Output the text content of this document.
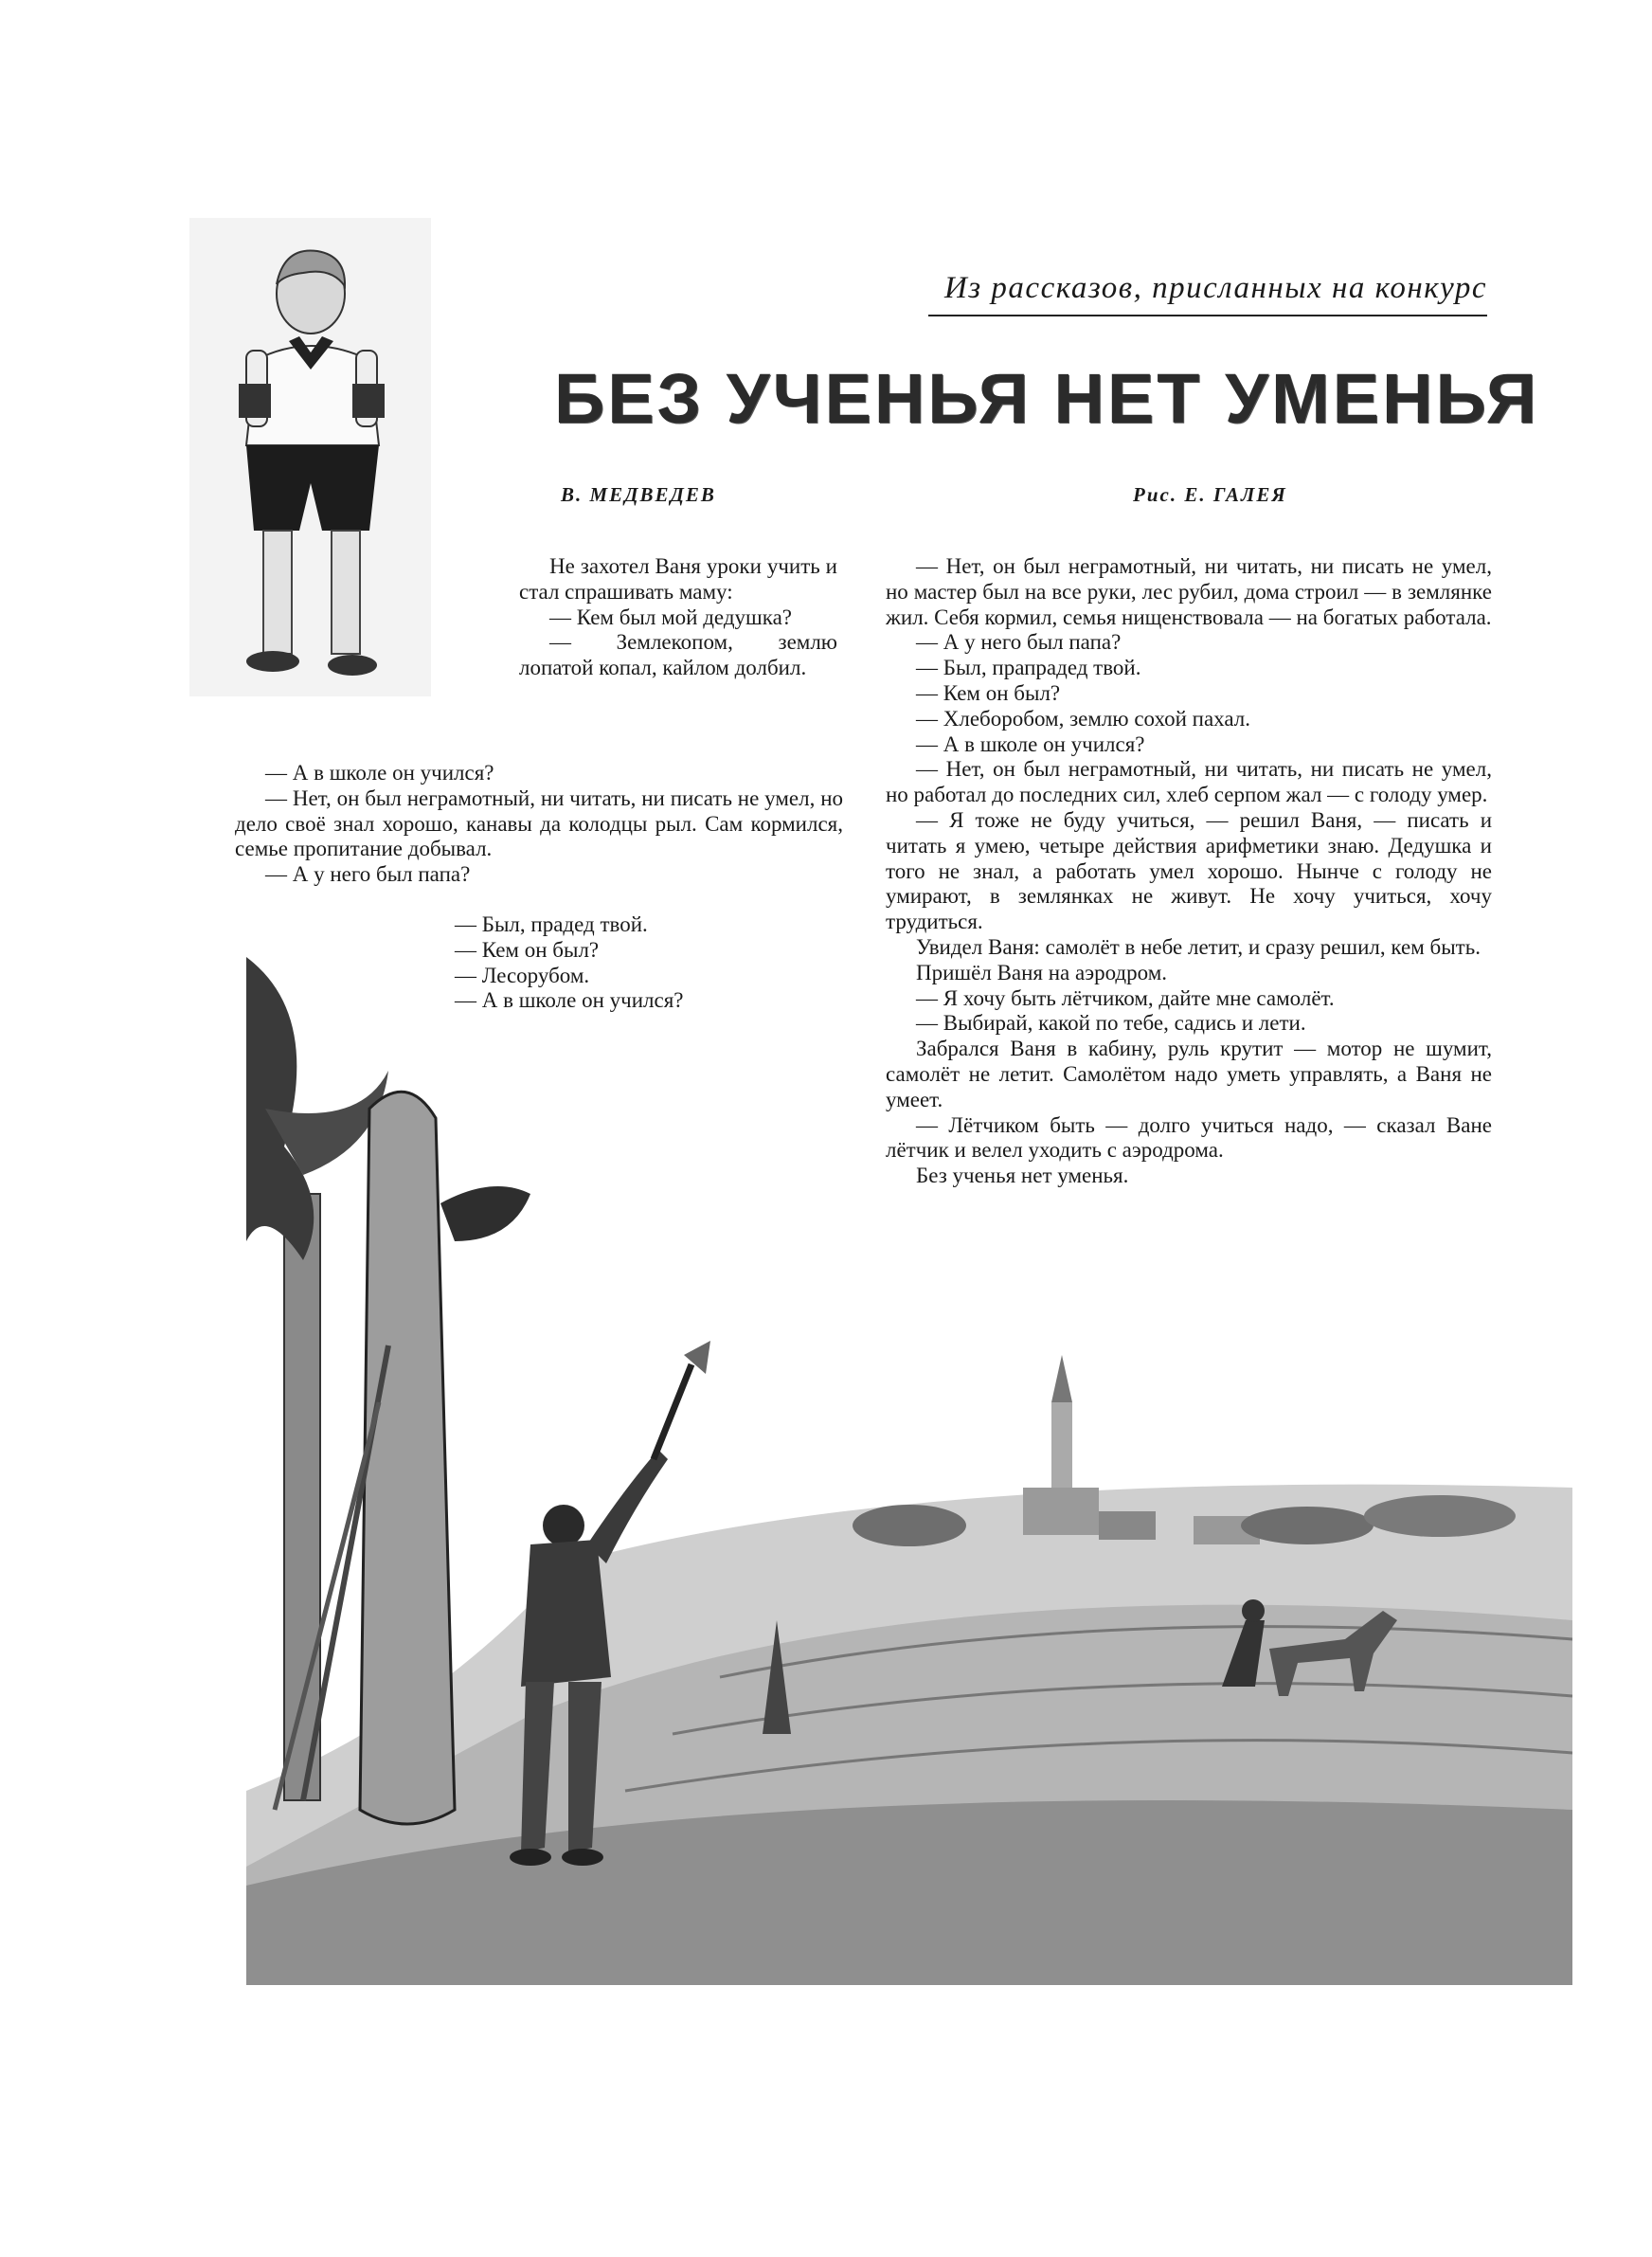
Из рассказов, присланных на конкурс
БЕЗ УЧЕНЬЯ НЕТ УМЕНЬЯ
В. МЕДВЕДЕВ	Рис. Е. ГАЛЕЯ

Не захотел Ваня уроки учить и стал спрашивать маму:

— Кем был мой дедушка?

— Землекопом, землю лопатой копал, кайлом долбил.

— А в школе он учился?

— Нет, он был неграмотный, ни читать, ни писать не умел, но дело своё знал хорошо, канавы да колодцы рыл. Сам кормился, семье пропитание добывал.

— А у него был папа?

— Был, прадед твой.

— Кем он был?

— Лесорубом.

— А в школе он учился?

— Нет, он был неграмотный, ни читать, ни писать не умел, но мастер был на все руки, лес рубил, дома строил — в землянке жил. Себя кормил, семья нищенствовала — на богатых работала.

— А у него был папа?

— Был, прапрадед твой.

— Кем он был?

— Хлеборобом, землю сохой пахал.

— А в школе он учился?

— Нет, он был неграмотный, ни читать, ни писать не умел, но работал до последних сил, хлеб серпом жал — с голоду умер.

— Я тоже не буду учиться, — решил Ваня, — писать и читать я умею, четыре действия арифметики знаю. Дедушка и того не знал, а работать умел хорошо. Нынче с голоду не умирают, в землянках не живут. Не хочу учиться, хочу трудиться.

Увидел Ваня: самолёт в небе летит, и сразу решил, кем быть.

Пришёл Ваня на аэродром.

— Я хочу быть лётчиком, дайте мне самолёт.

— Выбирай, какой по тебе, садись и лети.

Забрался Ваня в кабину, руль крутит — мотор не шумит, самолёт не летит. Самолётом надо уметь управлять, а Ваня не умеет.

— Лётчиком быть — долго учиться надо, — сказал Ване лётчик и велел уходить с аэродрома.

Без ученья нет уменья.
